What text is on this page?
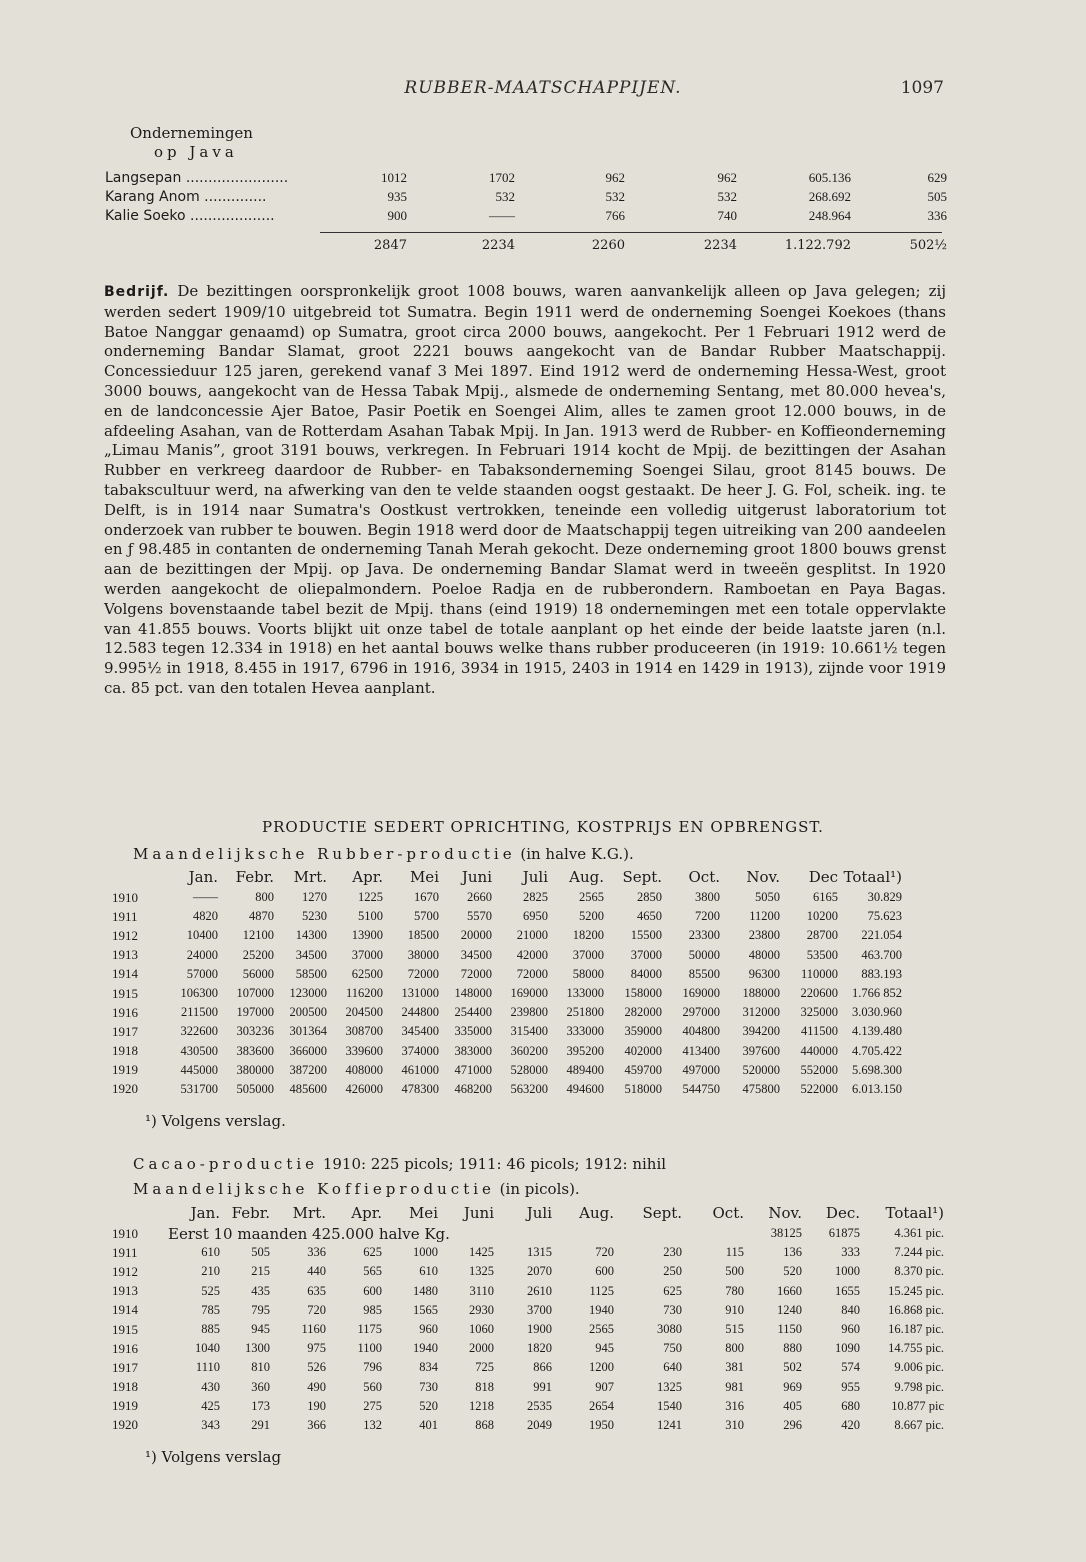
RUBBER-MAATSCHAPPIJEN.	1097
Ondernemingen
op Java
Langsepan .......................	1012	1702	962	962	605.136	629
Karang Anom ..............	935	532	532	532	268.692	505
Kalie Soeko ...................	900	——	766	740	248.964	336
	2847	2234	2260	2234	1.122.792	502½
Bedrijf. De bezittingen oorspronkelijk groot 1008 bouws, waren aanvankelijk alleen op Java gelegen; zij werden sedert 1909/10 uitgebreid tot Sumatra. Begin 1911 werd de onderneming Soengei Koekoes (thans Batoe Nanggar genaamd) op Sumatra, groot circa 2000 bouws, aangekocht. Per 1 Februari 1912 werd de onderneming Bandar Slamat, groot 2221 bouws aangekocht van de Bandar Rubber Maatschappij. Concessieduur 125 jaren, gerekend vanaf 3 Mei 1897. Eind 1912 werd de onderneming Hessa-West, groot 3000 bouws, aangekocht van de Hessa Tabak Mpij., alsmede de onderneming Sentang, met 80.000 hevea's, en de landconcessie Ajer Batoe, Pasir Poetik en Soengei Alim, alles te zamen groot 12.000 bouws, in de afdeeling Asahan, van de Rotterdam Asahan Tabak Mpij. In Jan. 1913 werd de Rubber- en Koffieonderneming „Limau Manis”, groot 3191 bouws, verkregen. In Februari 1914 kocht de Mpij. de bezittingen der Asahan Rubber en verkreeg daardoor de Rubber- en Tabaksonderneming Soengei Silau, groot 8145 bouws. De tabakscultuur werd, na afwerking van den te velde staanden oogst gestaakt. De heer J. G. Fol, scheik. ing. te Delft, is in 1914 naar Sumatra's Oostkust vertrokken, teneinde een volledig uitgerust laboratorium tot onderzoek van rubber te bouwen. Begin 1918 werd door de Maatschappij tegen uitreiking van 200 aandeelen en ƒ 98.485 in contanten de onderneming Tanah Merah gekocht. Deze onderneming groot 1800 bouws grenst aan de bezittingen der Mpij. op Java. De onderneming Bandar Slamat werd in tweeën gesplitst. In 1920 werden aangekocht de oliepalmondern. Poeloe Radja en de rubberondern. Ramboetan en Paya Bagas. Volgens bovenstaande tabel bezit de Mpij. thans (eind 1919) 18 ondernemingen met een totale oppervlakte van 41.855 bouws. Voorts blijkt uit onze tabel de totale aanplant op het einde der beide laatste jaren (n.l. 12.583 tegen 12.334 in 1918) en het aantal bouws welke thans rubber produceeren (in 1919: 10.661½ tegen 9.995½ in 1918, 8.455 in 1917, 6796 in 1916, 3934 in 1915, 2403 in 1914 en 1429 in 1913), zijnde voor 1919 ca. 85 pct. van den totalen Hevea aanplant.
PRODUCTIE SEDERT OPRICHTING, KOSTPRIJS EN OPBRENGST.
Maandelijksche Rubber-productie (in halve K.G.).
	Jan.	Febr.	Mrt.	Apr.	Mei	Juni	Juli	Aug.	Sept.	Oct.	Nov.	Dec	Totaal¹)
1910	——	800	1270	1225	1670	2660	2825	2565	2850	3800	5050	6165	30.829
1911	4820	4870	5230	5100	5700	5570	6950	5200	4650	7200	11200	10200	75.623
1912	10400	12100	14300	13900	18500	20000	21000	18200	15500	23300	23800	28700	221.054
1913	24000	25200	34500	37000	38000	34500	42000	37000	37000	50000	48000	53500	463.700
1914	57000	56000	58500	62500	72000	72000	72000	58000	84000	85500	96300	110000	883.193
1915	106300	107000	123000	116200	131000	148000	169000	133000	158000	169000	188000	220600	1.766 852
1916	211500	197000	200500	204500	244800	254400	239800	251800	282000	297000	312000	325000	3.030.960
1917	322600	303236	301364	308700	345400	335000	315400	333000	359000	404800	394200	411500	4.139.480
1918	430500	383600	366000	339600	374000	383000	360200	395200	402000	413400	397600	440000	4.705.422
1919	445000	380000	387200	408000	461000	471000	528000	489400	459700	497000	520000	552000	5.698.300
1920	531700	505000	485600	426000	478300	468200	563200	494600	518000	544750	475800	522000	6.013.150
¹) Volgens verslag.
Cacao-productie 1910: 225 picols; 1911: 46 picols; 1912: nihil
Maandelijksche Koffieproductie (in picols).
	Jan.	Febr.	Mrt.	Apr.	Mei	Juni	Juli	Aug.	Sept.	Oct.	Nov.	Dec.	Totaal¹)
1910	Eerst 10 maanden 425.000 halve Kg.										38125	61875	4.361 pic.
1911	610	505	336	625	1000	1425	1315	720	230	115	136	333	7.244 pic.
1912	210	215	440	565	610	1325	2070	600	250	500	520	1000	8.370 pic.
1913	525	435	635	600	1480	3110	2610	1125	625	780	1660	1655	15.245 pic.
1914	785	795	720	985	1565	2930	3700	1940	730	910	1240	840	16.868 pic.
1915	885	945	1160	1175	960	1060	1900	2565	3080	515	1150	960	16.187 pic.
1916	1040	1300	975	1100	1940	2000	1820	945	750	800	880	1090	14.755 pic.
1917	1110	810	526	796	834	725	866	1200	640	381	502	574	9.006 pic.
1918	430	360	490	560	730	818	991	907	1325	981	969	955	9.798 pic.
1919	425	173	190	275	520	1218	2535	2654	1540	316	405	680	10.877 pic
1920	343	291	366	132	401	868	2049	1950	1241	310	296	420	8.667 pic.
¹) Volgens verslag
